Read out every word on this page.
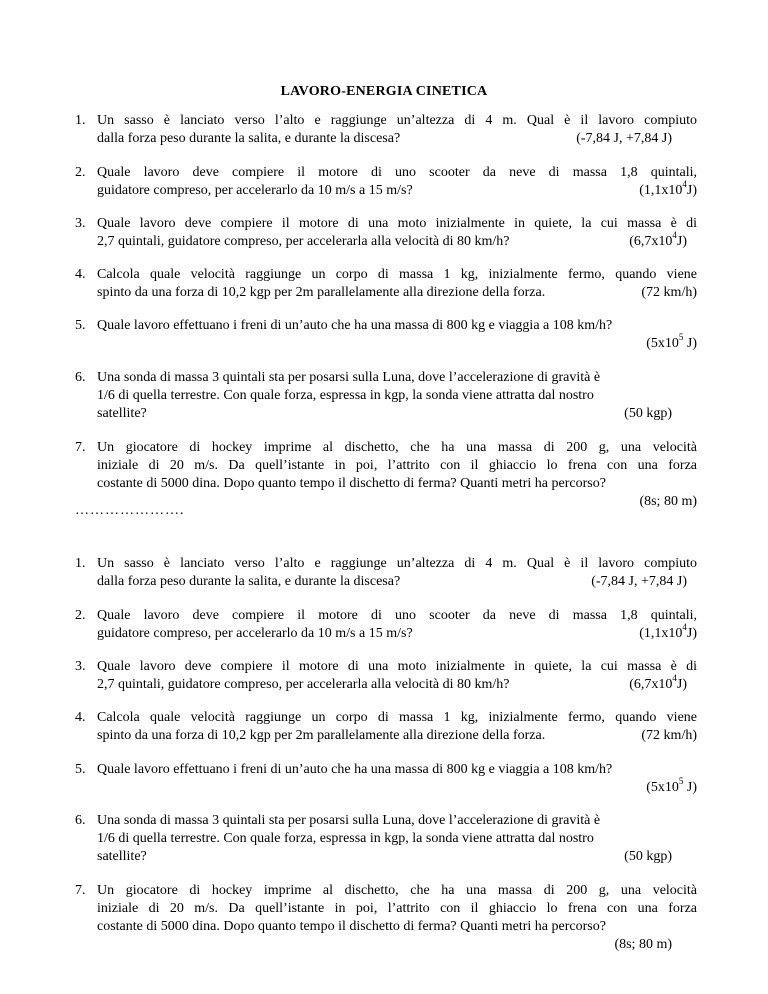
LAVORO-ENERGIA CINETICA
1. Un sasso è lanciato verso l’alto e raggiunge un’altezza di 4 m. Qual è il lavoro compiuto
dalla forza peso durante la salita, e durante la discesa?	(-7,84 J, +7,84 J)
2. Quale lavoro deve compiere il motore di uno scooter da neve di massa 1,8 quintali,
guidatore compreso, per accelerarlo da 10 m/s a 15 m/s?	$(1,1x10^4J)$
3. Quale lavoro deve compiere il motore di una moto inizialmente in quiete, la cui massa è di
2,7 quintali, guidatore compreso, per accelerarla alla velocità di 80 km/h?	$(6,7x10^4J)$
4. Calcola quale velocità raggiunge un corpo di massa 1 kg, inizialmente fermo, quando viene
spinto da una forza di 10,2 kgp per 2m parallelamente alla direzione della forza.	(72 km/h)
5. Quale lavoro effettuano i freni di un’auto che ha una massa di 800 kg e viaggia a 108 km/h?
($5x10^5$ J)
6. Una sonda di massa 3 quintali sta per posarsi sulla Luna, dove l’accelerazione di gravità è
1/6 di quella terrestre. Con quale forza, espressa in kgp, la sonda viene attratta dal nostro
satellite?	(50 kgp)
7. Un giocatore di hockey imprime al dischetto, che ha una massa di 200 g, una velocità
iniziale di 20 m/s. Da quell’istante in poi, l’attrito con il ghiaccio lo frena con una forza
costante di 5000 dina. Dopo quanto tempo il dischetto di ferma? Quanti metri ha percorso?
(8s; 80 m)
………………….
1. Un sasso è lanciato verso l’alto e raggiunge un’altezza di 4 m. Qual è il lavoro compiuto
dalla forza peso durante la salita, e durante la discesa?	(-7,84 J, +7,84 J)
2. Quale lavoro deve compiere il motore di uno scooter da neve di massa 1,8 quintali,
guidatore compreso, per accelerarlo da 10 m/s a 15 m/s?	$(1,1x10^4J)$
3. Quale lavoro deve compiere il motore di una moto inizialmente in quiete, la cui massa è di
2,7 quintali, guidatore compreso, per accelerarla alla velocità di 80 km/h?	$(6,7x10^4J)$
4. Calcola quale velocità raggiunge un corpo di massa 1 kg, inizialmente fermo, quando viene
spinto da una forza di 10,2 kgp per 2m parallelamente alla direzione della forza.	(72 km/h)
5. Quale lavoro effettuano i freni di un’auto che ha una massa di 800 kg e viaggia a 108 km/h?
($5x10^5$ J)
6. Una sonda di massa 3 quintali sta per posarsi sulla Luna, dove l’accelerazione di gravità è
1/6 di quella terrestre. Con quale forza, espressa in kgp, la sonda viene attratta dal nostro
satellite?	(50 kgp)
7. Un giocatore di hockey imprime al dischetto, che ha una massa di 200 g, una velocità
iniziale di 20 m/s. Da quell’istante in poi, l’attrito con il ghiaccio lo frena con una forza
costante di 5000 dina. Dopo quanto tempo il dischetto di ferma? Quanti metri ha percorso?
(8s; 80 m)
